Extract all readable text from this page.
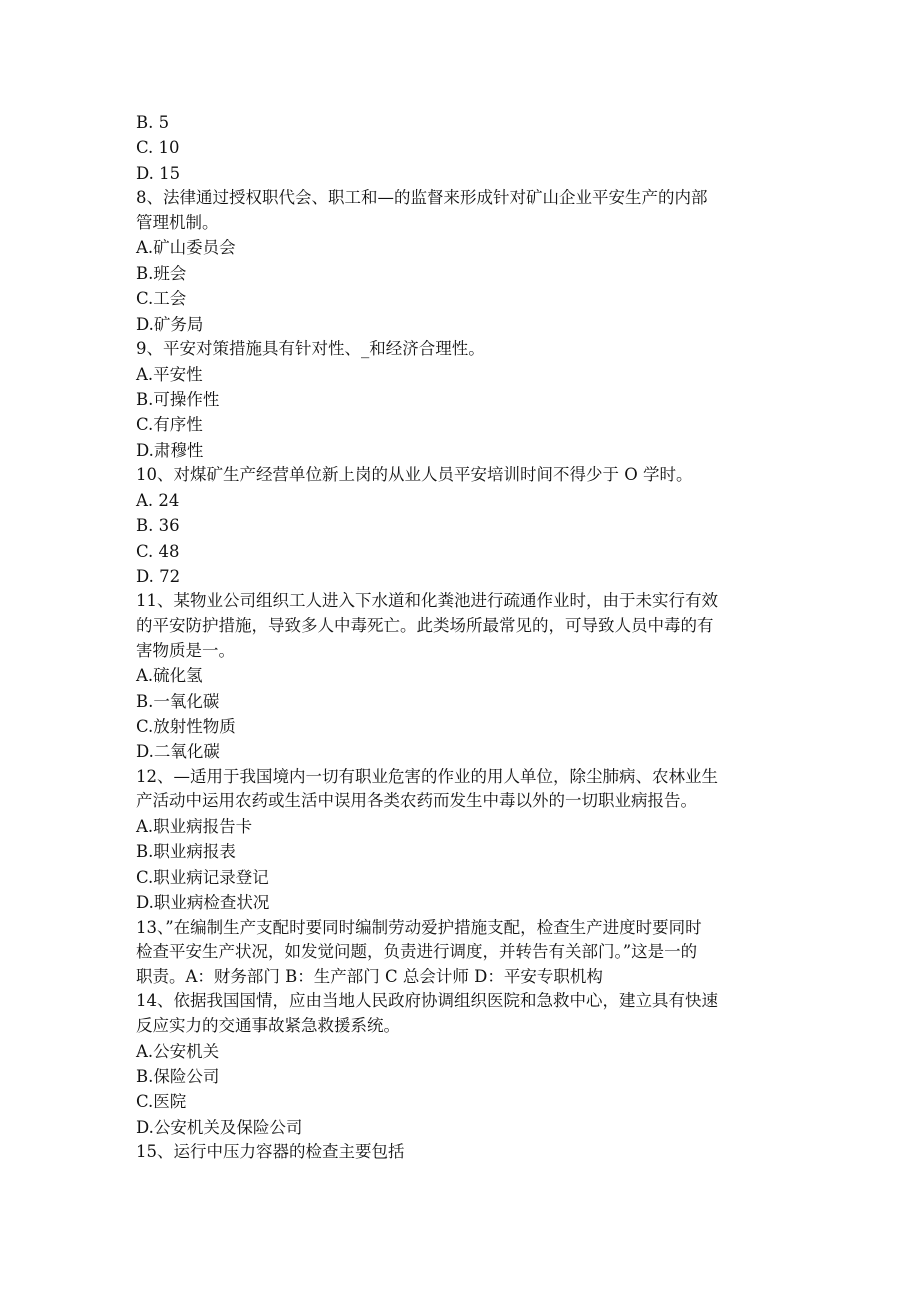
B. 5
C. 10
D. 15
8、法律通过授权职代会、职工和—的监督来形成针对矿山企业平安生产的内部
管理机制。
A.矿山委员会
B.班会
C.工会
D.矿务局
9、平安对策措施具有针对性、_和经济合理性。
A.平安性
B.可操作性
C.有序性
D.肃穆性
10、对煤矿生产经营单位新上岗的从业人员平安培训时间不得少于 O 学时。
A. 24
B. 36
C. 48
D. 72
11、某物业公司组织工人进入下水道和化粪池进行疏通作业时，由于未实行有效
的平安防护措施，导致多人中毒死亡。此类场所最常见的，可导致人员中毒的有
害物质是一。
A.硫化氢
B.一氧化碳
C.放射性物质
D.二氧化碳
12、—适用于我国境内一切有职业危害的作业的用人单位，除尘肺病、农林业生
产活动中运用农药或生活中误用各类农药而发生中毒以外的一切职业病报告。
A.职业病报告卡
B.职业病报表
C.职业病记录登记
D.职业病检查状况
13、”在编制生产支配时要同时编制劳动爱护措施支配，检查生产进度时要同时
检查平安生产状况，如发觉问题，负责进行调度，并转告有关部门。”这是一的
职责。A：财务部门 B：生产部门 C 总会计师 D：平安专职机构
14、依据我国国情，应由当地人民政府协调组织医院和急救中心，建立具有快速
反应实力的交通事故紧急救援系统。
A.公安机关
B.保险公司
C.医院
D.公安机关及保险公司
15、运行中压力容器的检查主要包括
